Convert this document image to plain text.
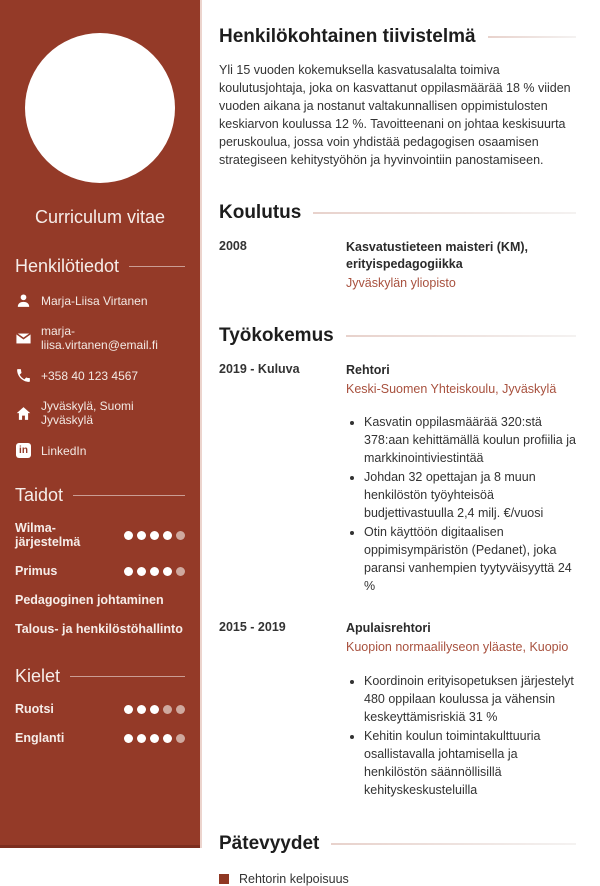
Curriculum vitae
Henkilötiedot
Marja-Liisa Virtanen
marja-liisa.virtanen@email.fi
+358 40 123 4567
Jyväskylä, Suomi Jyväskylä
in
LinkedIn
Taidot
Wilma-järjestelmä
Primus
Pedagoginen johtaminen
Talous- ja henkilöstöhallinto
Kielet
Ruotsi
Englanti
Henkilökohtainen tiivistelmä

Yli 15 vuoden kokemuksella kasvatusalalta toimiva koulutusjohtaja, joka on kasvattanut oppilasmäärää 18 % viiden vuoden aikana ja nostanut valtakunnallisen oppimistulosten keskiarvon koulussa 12 %. Tavoitteenani on johtaa keskisuurta peruskoulua, jossa voin yhdistää pedagogisen osaamisen strategiseen kehitystyöhön ja hyvinvointiin panostamiseen.

Koulutus
2008	Kasvatustieteen maisteri (KM), erityispedagogiikka
Jyväskylän yliopisto
Työkokemus
2019 - Kuluva	Rehtori
Keski-Suomen Yhteiskoulu, Jyväskylä
• Kasvatin oppilasmäärää 320:stä 378:aan kehittämällä koulun profiilia ja markkinointiviestintää
• Johdan 32 opettajan ja 8 muun henkilöstön työyhteisöä budjettivastuulla 2,4 milj. €/vuosi
• Otin käyttöön digitaalisen oppimisympäristön (Pedanet), joka paransi vanhempien tyytyväisyyttä 24 %
2015 - 2019	Apulaisrehtori
Kuopion normaalilyseon yläaste, Kuopio
• Koordinoin erityisopetuksen järjestelyt 480 oppilaan koulussa ja vähensin keskeyttämisriskiä 31 %
• Kehitin koulun toimintakulttuuria osallistavalla johtamisella ja henkilöstön säännöllisillä kehityskeskusteluilla
Pätevyydet
Rehtorin kelpoisuus
